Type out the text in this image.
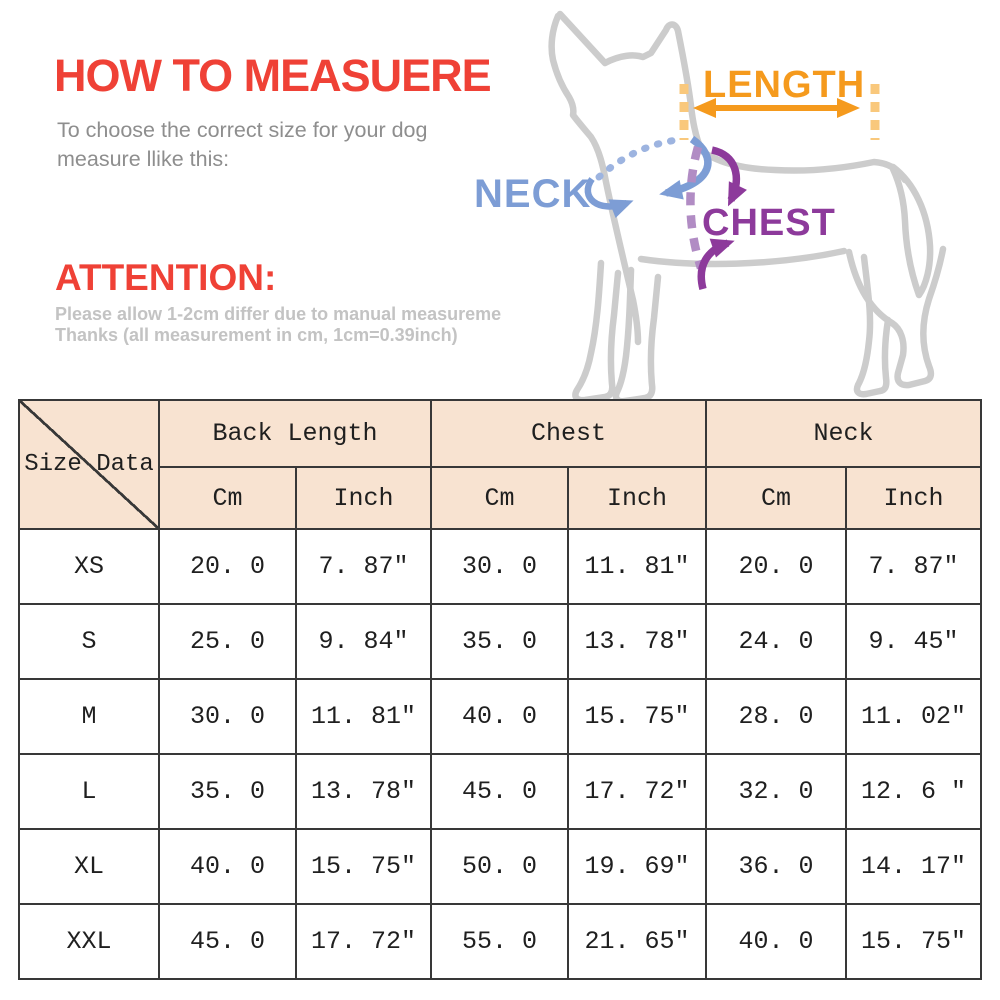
HOW TO MEASUERE
To choose the correct size for your dog
measure llike this:
ATTENTION:
Please allow 1-2cm differ due to manual measureme
Thanks (all measurement in cm, 1cm=0.39inch)
LENGTH
NECK
CHEST
Size Data	Back Length		Chest		Neck	
	Cm	Inch	Cm	Inch	Cm	Inch
XS	20. 0	7. 87″	30. 0	11. 81″	20. 0	7. 87″
S	25. 0	9. 84″	35. 0	13. 78″	24. 0	9. 45″
M	30. 0	11. 81″	40. 0	15. 75″	28. 0	11. 02″
L	35. 0	13. 78″	45. 0	17. 72″	32. 0	12. 6 ″
XL	40. 0	15. 75″	50. 0	19. 69″	36. 0	14. 17″
XXL	45. 0	17. 72″	55. 0	21. 65″	40. 0	15. 75″
